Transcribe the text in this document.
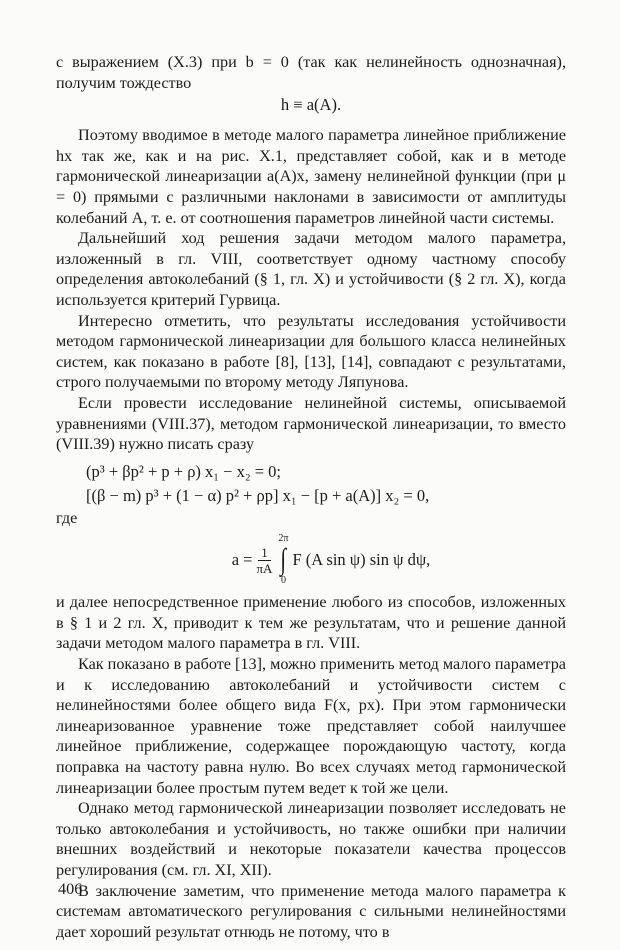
с выражением (X.3) при b = 0 (так как нелинейность однозначная), получим тождество

h ≡ a(A).

Поэтому вводимое в методе малого параметра линейное приближение hx так же, как и на рис. X.1, представляет собой, как и в методе гармонической линеаризации a(A)x, замену нелинейной функции (при μ = 0) прямыми с различными наклонами в зависимости от амплитуды колебаний A, т. е. от соотношения параметров линейной части системы.

Дальнейший ход решения задачи методом малого параметра, изложенный в гл. VIII, соответствует одному частному способу определения автоколебаний (§ 1, гл. X) и устойчивости (§ 2 гл. X), когда используется критерий Гурвица.

Интересно отметить, что результаты исследования устойчивости методом гармонической линеаризации для большого класса нелинейных систем, как показано в работе [8], [13], [14], совпадают с результатами, строго получаемыми по второму методу Ляпунова.

Если провести исследование нелинейной системы, описываемой уравнениями (VIII.37), методом гармонической линеаризации, то вместо (VIII.39) нужно писать сразу

(p³ + βp² + p + ρ) x₁ − x₂ = 0;
[(β − m) p³ + (1 − α) p² + ρp] x₁ − [p + a(A)] x₂ = 0,

где

$a = \frac{1}{\pi A}$
2π
∫
0
F (A sin ψ) sin ψ dψ,

и далее непосредственное применение любого из способов, изложенных в § 1 и 2 гл. X, приводит к тем же результатам, что и решение данной задачи методом малого параметра в гл. VIII.

Как показано в работе [13], можно применить метод малого параметра и к исследованию автоколебаний и устойчивости систем с нелинейностями более общего вида F(x, px). При этом гармонически линеаризованное уравнение тоже представляет собой наилучшее линейное приближение, содержащее порождающую частоту, когда поправка на частоту равна нулю. Во всех случаях метод гармонической линеаризации более простым путем ведет к той же цели.

Однако метод гармонической линеаризации позволяет исследовать не только автоколебания и устойчивость, но также ошибки при наличии внешних воздействий и некоторые показатели качества процессов регулирования (см. гл. XI, XII).

В заключение заметим, что применение метода малого параметра к системам автоматического регулирования с сильными нелинейностями дает хороший результат отнюдь не потому, что в

406
